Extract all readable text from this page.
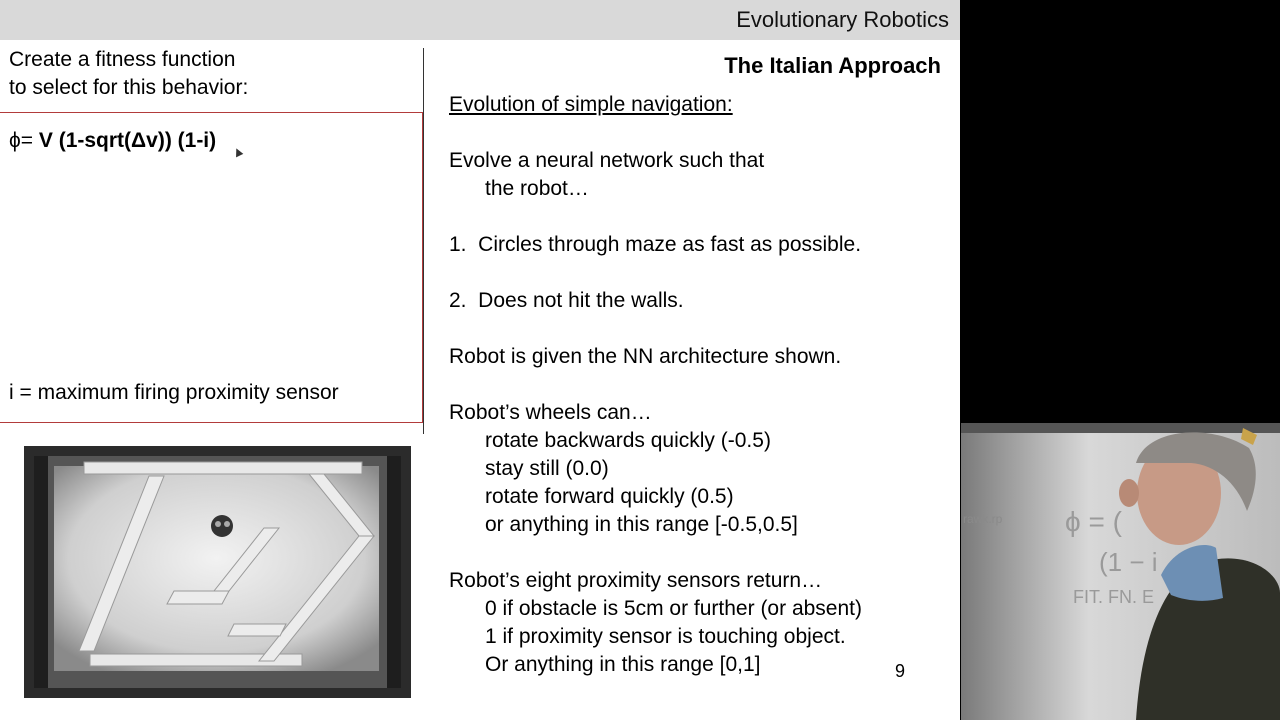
Evolutionary Robotics
Create a fitness function
to select for this behavior:
ϕ= V (1-sqrt(Δv)) (1-i)
i = maximum firing proximity sensor
The Italian Approach

Evolution of simple navigation:

Evolve a neural network such that

the robot…

1.  Circles through maze as fast as possible.

2.  Does not hit the walls.

Robot is given the NN architecture shown.

Robot’s wheels can…

rotate backwards quickly (-0.5)

stay still (0.0)

rotate forward quickly (0.5)

or anything in this range [-0.5,0.5]

Robot’s eight proximity sensors return…

0 if obstacle is 5cm or further (or absent)

1 if proximity sensor is touching object.

Or anything in this range [0,1]	9
rawk.rp ϕ = (
(1 − i
FIT. FN. E
